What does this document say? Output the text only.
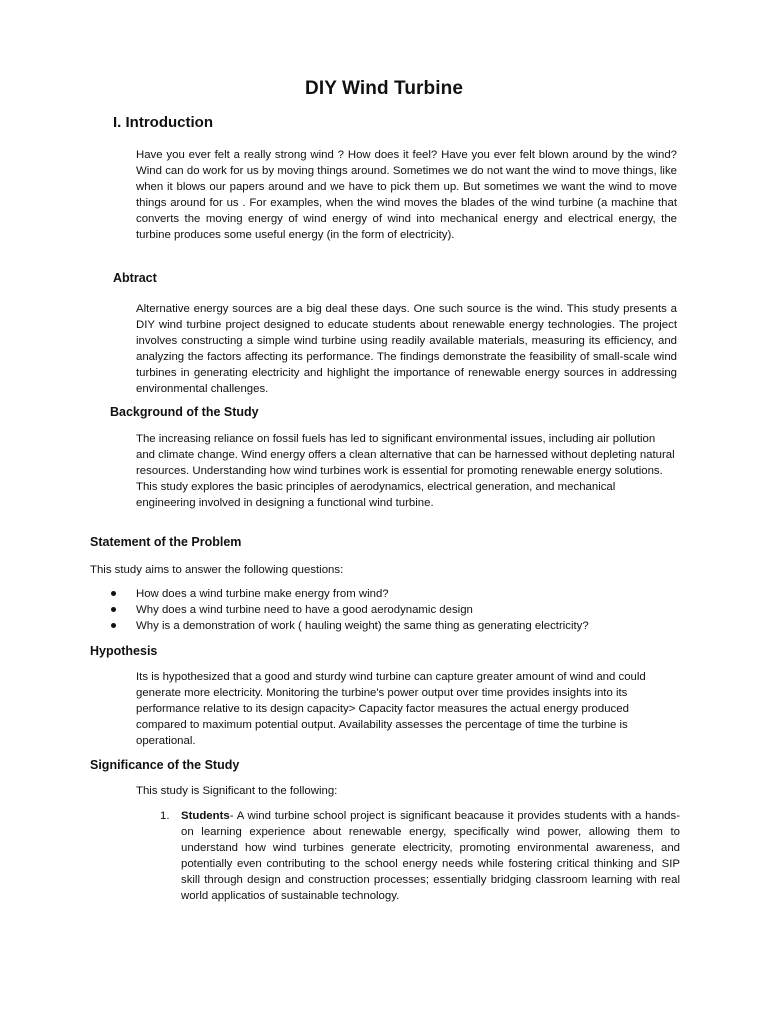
DIY Wind Turbine
I. Introduction

Have you ever felt a really strong wind ? How does it feel? Have you ever felt blown around by the wind? Wind can do work for us by moving things around. Sometimes we do not want the wind to move things, like when it blows our papers around and we have to pick them up. But sometimes we want the wind to move things around for us . For examples, when the wind moves the blades of the wind turbine (a machine that converts the moving energy of wind energy of wind into mechanical energy and electrical energy, the turbine produces some useful energy (in the form of electricity).

Abtract

Alternative energy sources are a big deal these days. One such source is the wind. This study presents a DIY wind turbine project designed to educate students about renewable energy technologies. The project involves constructing a simple wind turbine using readily available materials, measuring its efficiency, and analyzing the factors affecting its performance. The findings demonstrate the feasibility of small-scale wind turbines in generating electricity and highlight the importance of renewable energy sources in addressing environmental challenges.

Background of the Study

The increasing reliance on fossil fuels has led to significant environmental issues, including air pollution and climate change. Wind energy offers a clean alternative that can be harnessed without depleting natural resources. Understanding how wind turbines work is essential for promoting renewable energy solutions. This study explores the basic principles of aerodynamics, electrical generation, and mechanical engineering involved in designing a functional wind turbine.

Statement of the Problem

This study aims to answer the following questions:

How does a wind turbine make energy from wind?
Why does a wind turbine need to have a good aerodynamic design
Why is a demonstration of work ( hauling weight) the same thing as generating electricity?
Hypothesis

Its is hypothesized that a good and sturdy wind turbine can capture greater amount of wind and could generate more electricity. Monitoring the turbine's power output over time provides insights into its performance relative to its design capacity> Capacity factor measures the actual energy produced compared to maximum potential output. Availability assesses the percentage of time the turbine is operational.

Significance of the Study

This study is Significant to the following:

1. Students- A wind turbine school project is significant beacause it provides students with a hands-on learning experience about renewable energy, specifically wind power, allowing them to understand how wind turbines generate electricity, promoting environmental awareness, and potentially even contributing to the school energy needs while fostering critical thinking and SIP skill through design and construction processes; essentially bridging classroom learning with real world applicatios of sustainable technology.
